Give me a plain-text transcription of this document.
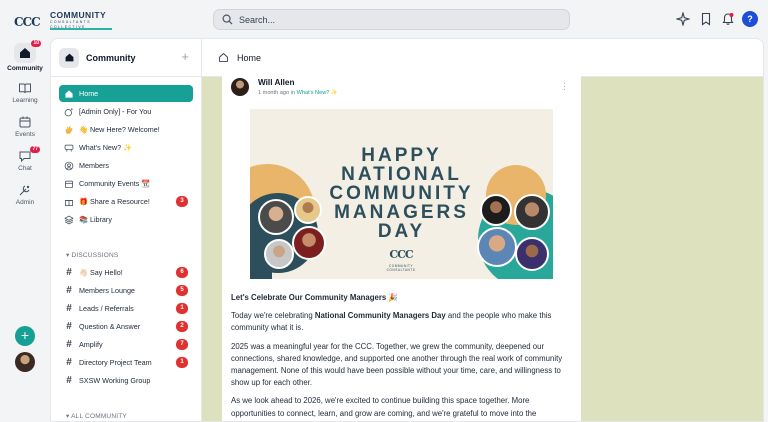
CCC COMMUNITY
CONSULTANTS COLLECTIVE
Search...	?
10
Community
Learning
Events
77
Chat
Admin
+
Community	+
Home
[Admin Only] - For You
👋 New Here? Welcome!
What's New? ✨
Members
Community Events 📆
🎁 Share a Resource!	3
📚 Library
▾ DISCUSSIONS
#	👋🏻 Say Hello!	6
#	Members Lounge	5
#	Leads / Referrals	1
#	Question & Answer	2
#	Amplify	7
#	Directory Project Team	1
#	SXSW Working Group
▾ ALL COMMUNITY
Home
Will Allen
1 month ago in What's New? ✨
⋮
HAPPY
NATIONAL
COMMUNITY
MANAGERS
DAY
CCC
COMMUNITY CONSULTANTS

Let's Celebrate Our Community Managers 🎉

Today we're celebrating National Community Managers Day and the people who make this community what it is.

2025 was a meaningful year for the CCC. Together, we grew the community, deepened our connections, shared knowledge, and supported one another through the real work of community management. None of this would have been possible without your time, care, and willingness to show up for each other.

As we look ahead to 2026, we're excited to continue building this space together. More opportunities to connect, learn, and grow are coming, and we're grateful to move into the
